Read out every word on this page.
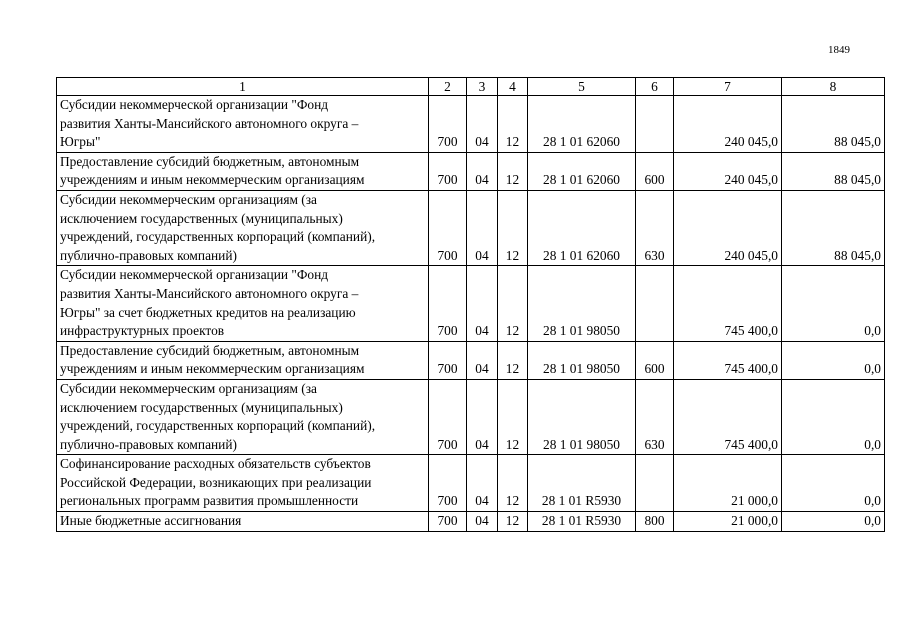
1849
1	2	3	4	5	6	7	8
Субсидии некоммерческой организации "Фонд
развития Ханты-Мансийского автономного округа –
Югры"	700	04	12	28 1 01 62060		240 045,0	88 045,0
Предоставление субсидий бюджетным, автономным
учреждениям и иным некоммерческим организациям	700	04	12	28 1 01 62060	600	240 045,0	88 045,0
Субсидии некоммерческим организациям (за
исключением государственных (муниципальных)
учреждений, государственных корпораций (компаний),
публично-правовых компаний)	700	04	12	28 1 01 62060	630	240 045,0	88 045,0
Субсидии некоммерческой организации "Фонд
развития Ханты-Мансийского автономного округа –
Югры" за счет бюджетных кредитов на реализацию
инфраструктурных проектов	700	04	12	28 1 01 98050		745 400,0	0,0
Предоставление субсидий бюджетным, автономным
учреждениям и иным некоммерческим организациям	700	04	12	28 1 01 98050	600	745 400,0	0,0
Субсидии некоммерческим организациям (за
исключением государственных (муниципальных)
учреждений, государственных корпораций (компаний),
публично-правовых компаний)	700	04	12	28 1 01 98050	630	745 400,0	0,0
Софинансирование расходных обязательств субъектов
Российской Федерации, возникающих при реализации
региональных программ развития промышленности	700	04	12	28 1 01 R5930		21 000,0	0,0
Иные бюджетные ассигнования	700	04	12	28 1 01 R5930	800	21 000,0	0,0
